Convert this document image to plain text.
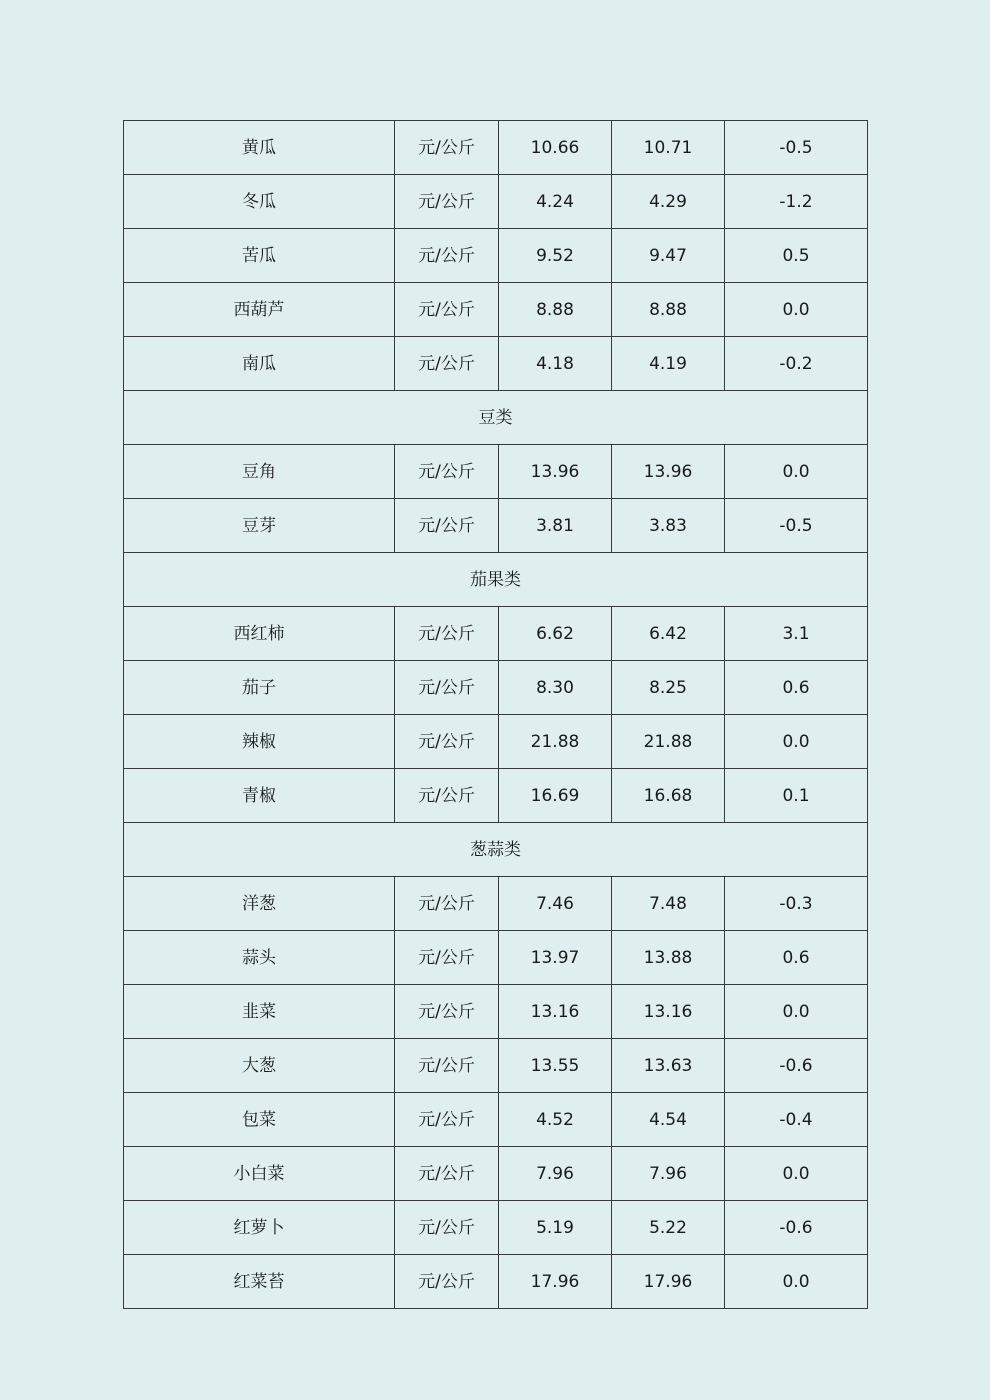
黄瓜	元/公斤	10.66	10.71	-0.5
冬瓜	元/公斤	4.24	4.29	-1.2
苦瓜	元/公斤	9.52	9.47	0.5
西葫芦	元/公斤	8.88	8.88	0.0
南瓜	元/公斤	4.18	4.19	-0.2
豆类				
豆角	元/公斤	13.96	13.96	0.0
豆芽	元/公斤	3.81	3.83	-0.5
茄果类				
西红柿	元/公斤	6.62	6.42	3.1
茄子	元/公斤	8.30	8.25	0.6
辣椒	元/公斤	21.88	21.88	0.0
青椒	元/公斤	16.69	16.68	0.1
葱蒜类				
洋葱	元/公斤	7.46	7.48	-0.3
蒜头	元/公斤	13.97	13.88	0.6
韭菜	元/公斤	13.16	13.16	0.0
大葱	元/公斤	13.55	13.63	-0.6
包菜	元/公斤	4.52	4.54	-0.4
小白菜	元/公斤	7.96	7.96	0.0
红萝卜	元/公斤	5.19	5.22	-0.6
红菜苔	元/公斤	17.96	17.96	0.0
